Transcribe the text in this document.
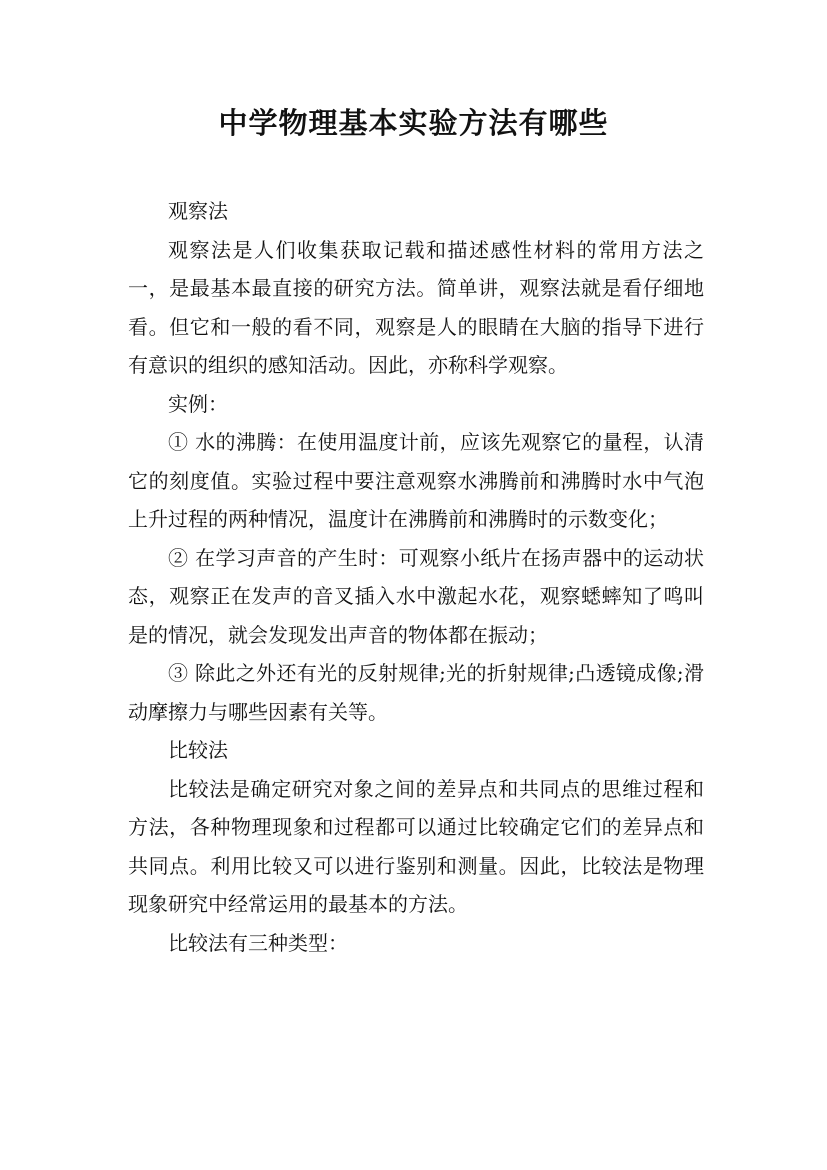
中学物理基本实验方法有哪些

观察法

观察法是人们收集获取记载和描述感性材料的常用方法之一，是最基本最直接的研究方法。简单讲，观察法就是看仔细地看。但它和一般的看不同，观察是人的眼睛在大脑的指导下进行有意识的组织的感知活动。因此，亦称科学观察。

实例：

① 水的沸腾：在使用温度计前，应该先观察它的量程，认清它的刻度值。实验过程中要注意观察水沸腾前和沸腾时水中气泡上升过程的两种情况，温度计在沸腾前和沸腾时的示数变化；

② 在学习声音的产生时：可观察小纸片在扬声器中的运动状态，观察正在发声的音叉插入水中激起水花，观察蟋蟀知了鸣叫是的情况，就会发现发出声音的物体都在振动；

③ 除此之外还有光的反射规律;光的折射规律;凸透镜成像;滑动摩擦力与哪些因素有关等。

比较法

比较法是确定研究对象之间的差异点和共同点的思维过程和方法，各种物理现象和过程都可以通过比较确定它们的差异点和共同点。利用比较又可以进行鉴别和测量。因此，比较法是物理现象研究中经常运用的最基本的方法。

比较法有三种类型：
